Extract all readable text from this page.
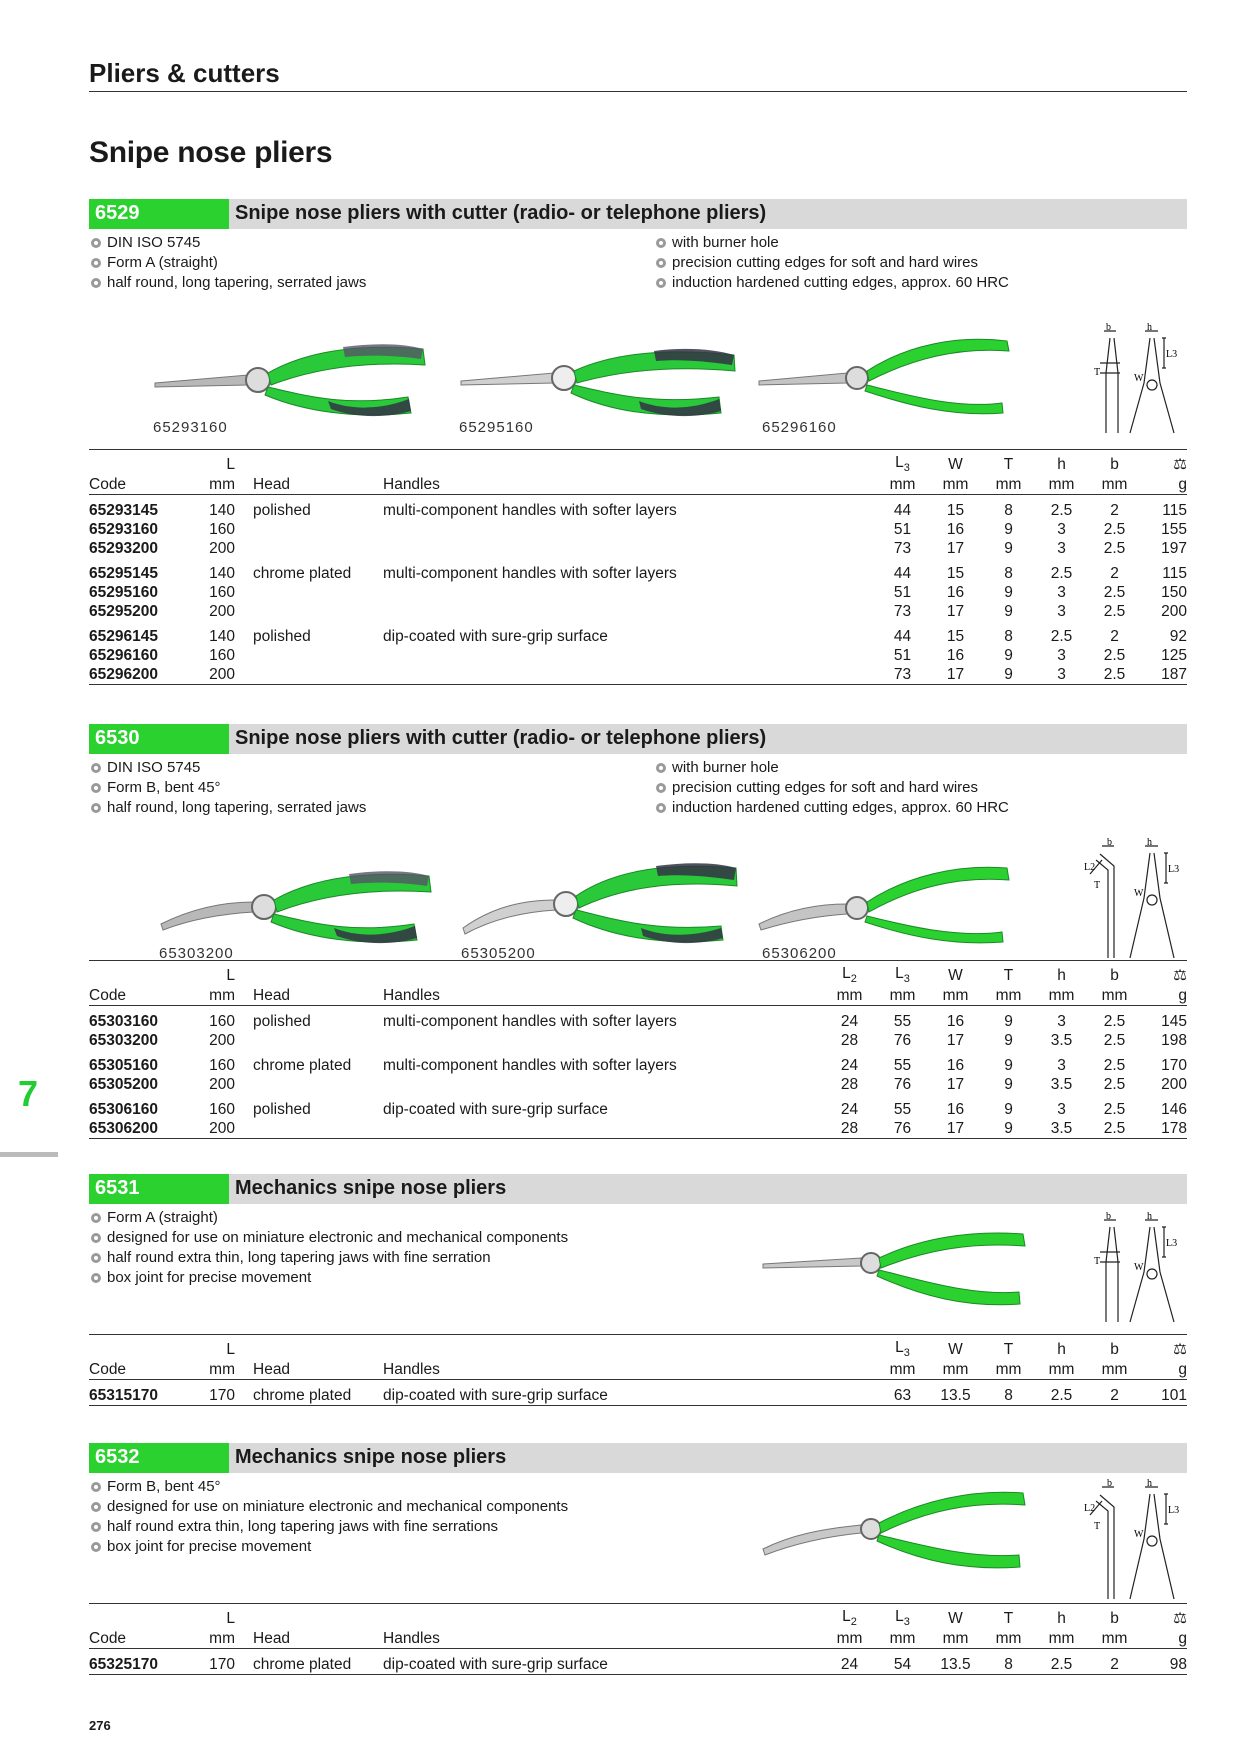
Pliers & cutters
Snipe nose pliers
7
276
6529	Snipe nose pliers with cutter (radio- or telephone pliers)
DIN ISO 5745
Form A (straight)
half round, long tapering, serrated jaws
with burner hole
precision cutting edges for soft and hard wires
induction hardened cutting edges, approx. 60 HRC
65293160	65295160	65296160
b	h
L3
T
W
	L			$L_3$	W	T	h	b	⚖
Code	mm	Head	Handles	mm	mm	mm	mm	mm	g
65293145	140	polished	multi-component handles with softer layers	44	15	8	2.5	2	115
65293160	160			51	16	9	3	2.5	155
65293200	200			73	17	9	3	2.5	197
65295145	140	chrome plated	multi-component handles with softer layers	44	15	8	2.5	2	115
65295160	160			51	16	9	3	2.5	150
65295200	200			73	17	9	3	2.5	200
65296145	140	polished	dip-coated with sure-grip surface	44	15	8	2.5	2	92
65296160	160			51	16	9	3	2.5	125
65296200	200			73	17	9	3	2.5	187

6530	Snipe nose pliers with cutter (radio- or telephone pliers)
DIN ISO 5745
Form B, bent 45°
half round, long tapering, serrated jaws
with burner hole
precision cutting edges for soft and hard wires
induction hardened cutting edges, approx. 60 HRC
65303200	65305200	65306200
b	h
L2	L3
T
W
	L			$L_2$	$L_3$	W	T	h	b	⚖
Code	mm	Head	Handles	mm	mm	mm	mm	mm	mm	g
65303160	160	polished	multi-component handles with softer layers	24	55	16	9	3	2.5	145
65303200	200			28	76	17	9	3.5	2.5	198
65305160	160	chrome plated	multi-component handles with softer layers	24	55	16	9	3	2.5	170
65305200	200			28	76	17	9	3.5	2.5	200
65306160	160	polished	dip-coated with sure-grip surface	24	55	16	9	3	2.5	146
65306200	200			28	76	17	9	3.5	2.5	178

6531	Mechanics snipe nose pliers
Form A (straight)
designed for use on miniature electronic and mechanical components
half round extra thin, long tapering jaws with fine serration
box joint for precise movement
b	h
L3
T
W
	L			$L_3$	W	T	h	b	⚖
Code	mm	Head	Handles	mm	mm	mm	mm	mm	g
65315170	170	chrome plated	dip-coated with sure-grip surface	63	13.5	8	2.5	2	101

6532	Mechanics snipe nose pliers
Form B, bent 45°
designed for use on miniature electronic and mechanical components
half round extra thin, long tapering jaws with fine serrations
box joint for precise movement
b	h
L2	L3
T
W
	L			$L_2$	$L_3$	W	T	h	b	⚖
Code	mm	Head	Handles	mm	mm	mm	mm	mm	mm	g
65325170	170	chrome plated	dip-coated with sure-grip surface	24	54	13.5	8	2.5	2	98
